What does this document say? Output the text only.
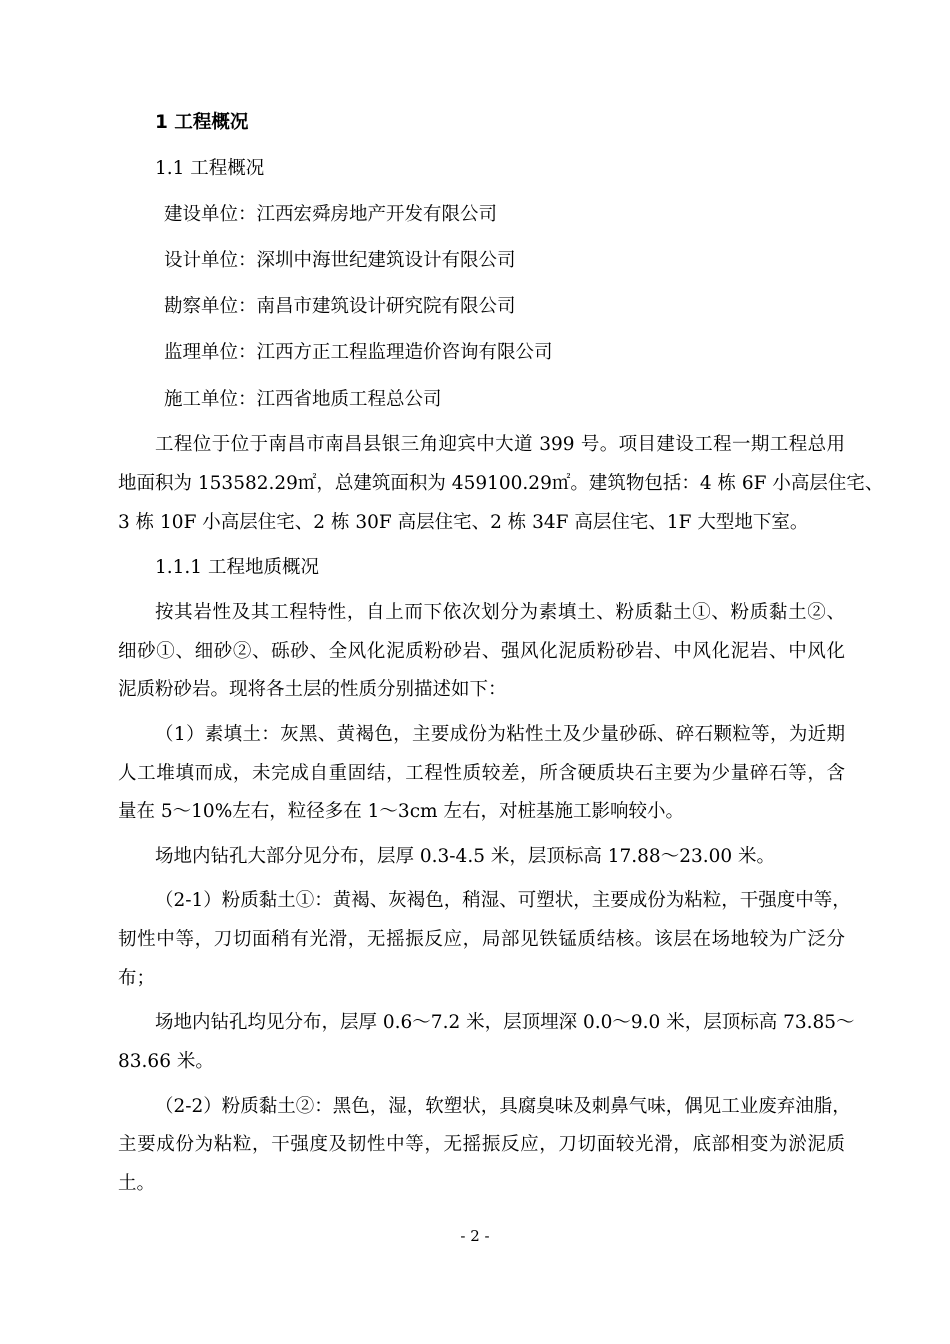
1 工程概况
1.1 工程概况
建设单位：江西宏舜房地产开发有限公司
设计单位：深圳中海世纪建筑设计有限公司
勘察单位：南昌市建筑设计研究院有限公司
监理单位：江西方正工程监理造价咨询有限公司
施工单位：江西省地质工程总公司
工程位于位于南昌市南昌县银三角迎宾中大道 399 号。项目建设工程一期工程总用
地面积为 153582.29㎡，总建筑面积为 459100.29㎡。建筑物包括：4 栋 6F 小高层住宅、
3 栋 10F 小高层住宅、2 栋 30F 高层住宅、2 栋 34F 高层住宅、1F 大型地下室。
1.1.1 工程地质概况
按其岩性及其工程特性，自上而下依次划分为素填土、粉质黏土①、粉质黏土②、
细砂①、细砂②、砾砂、全风化泥质粉砂岩、强风化泥质粉砂岩、中风化泥岩、中风化
泥质粉砂岩。现将各土层的性质分别描述如下：
（1）素填土：灰黑、黄褐色，主要成份为粘性土及少量砂砾、碎石颗粒等，为近期
人工堆填而成，未完成自重固结，工程性质较差，所含硬质块石主要为少量碎石等，含
量在 5～10%左右，粒径多在 1～3cm 左右，对桩基施工影响较小。
场地内钻孔大部分见分布，层厚 0.3-4.5 米，层顶标高 17.88～23.00 米。
（2-1）粉质黏土①：黄褐、灰褐色，稍湿、可塑状，主要成份为粘粒，干强度中等，
韧性中等，刀切面稍有光滑，无摇振反应，局部见铁锰质结核。该层在场地较为广泛分
布；
场地内钻孔均见分布，层厚 0.6～7.2 米，层顶埋深 0.0～9.0 米，层顶标高 73.85～
83.66 米。
（2-2）粉质黏土②：黑色，湿，软塑状，具腐臭味及刺鼻气味，偶见工业废弃油脂，
主要成份为粘粒，干强度及韧性中等，无摇振反应，刀切面较光滑，底部相变为淤泥质
土。
- 2 -
